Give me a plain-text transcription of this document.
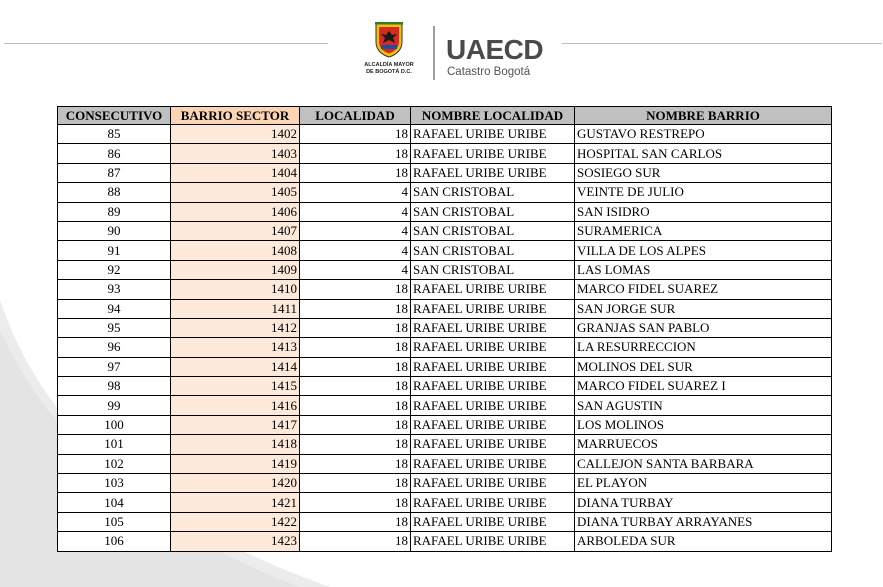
ALCALDÍA MAYOR
DE BOGOTÁ D.C.
UAECD
Catastro Bogotá
CONSECUTIVO	BARRIO SECTOR	LOCALIDAD	NOMBRE LOCALIDAD	NOMBRE BARRIO
85	1402	18	RAFAEL URIBE URIBE	GUSTAVO RESTREPO
86	1403	18	RAFAEL URIBE URIBE	HOSPITAL SAN CARLOS
87	1404	18	RAFAEL URIBE URIBE	SOSIEGO SUR
88	1405	4	SAN CRISTOBAL	VEINTE DE JULIO
89	1406	4	SAN CRISTOBAL	SAN ISIDRO
90	1407	4	SAN CRISTOBAL	SURAMERICA
91	1408	4	SAN CRISTOBAL	VILLA DE LOS ALPES
92	1409	4	SAN CRISTOBAL	LAS LOMAS
93	1410	18	RAFAEL URIBE URIBE	MARCO FIDEL SUAREZ
94	1411	18	RAFAEL URIBE URIBE	SAN JORGE SUR
95	1412	18	RAFAEL URIBE URIBE	GRANJAS SAN PABLO
96	1413	18	RAFAEL URIBE URIBE	LA RESURRECCION
97	1414	18	RAFAEL URIBE URIBE	MOLINOS DEL SUR
98	1415	18	RAFAEL URIBE URIBE	MARCO FIDEL SUAREZ I
99	1416	18	RAFAEL URIBE URIBE	SAN AGUSTIN
100	1417	18	RAFAEL URIBE URIBE	LOS MOLINOS
101	1418	18	RAFAEL URIBE URIBE	MARRUECOS
102	1419	18	RAFAEL URIBE URIBE	CALLEJON SANTA BARBARA
103	1420	18	RAFAEL URIBE URIBE	EL PLAYON
104	1421	18	RAFAEL URIBE URIBE	DIANA TURBAY
105	1422	18	RAFAEL URIBE URIBE	DIANA TURBAY ARRAYANES
106	1423	18	RAFAEL URIBE URIBE	ARBOLEDA SUR
